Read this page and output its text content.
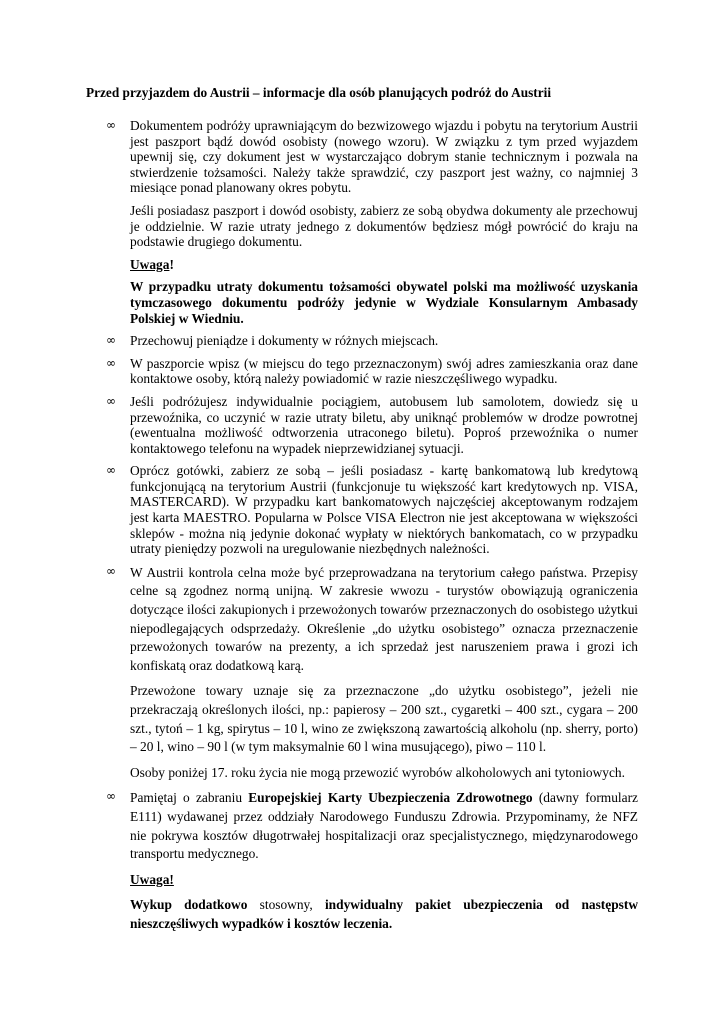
Przed przyjazdem do Austrii – informacje dla osób planujących podróż do Austrii
∞ Dokumentem podróży uprawniającym do bezwizowego wjazdu i pobytu na terytorium Austrii jest paszport bądź dowód osobisty (nowego wzoru). W związku z tym przed wyjazdem upewnij się, czy dokument jest w wystarczająco dobrym stanie technicznym i pozwala na stwierdzenie tożsamości. Należy także sprawdzić, czy paszport jest ważny, co najmniej 3 miesiące ponad planowany okres pobytu.

Jeśli posiadasz paszport i dowód osobisty, zabierz ze sobą obydwa dokumenty ale przechowuj je oddzielnie. W razie utraty jednego z dokumentów będziesz mógł powrócić do kraju na podstawie drugiego dokumentu.

Uwaga!

W przypadku utraty dokumentu tożsamości obywatel polski ma możliwość uzyskania tymczasowego dokumentu podróży jedynie w Wydziale Konsularnym Ambasady Polskiej w Wiedniu.

∞ Przechowuj pieniądze i dokumenty w różnych miejscach.

∞ W paszporcie wpisz (w miejscu do tego przeznaczonym) swój adres zamieszkania oraz dane kontaktowe osoby, którą należy powiadomić w razie nieszczęśliwego wypadku.

∞ Jeśli podróżujesz indywidualnie pociągiem, autobusem lub samolotem, dowiedz się u przewoźnika, co uczynić w razie utraty biletu, aby uniknąć problemów w drodze powrotnej (ewentualna możliwość odtworzenia utraconego biletu). Poproś przewoźnika o numer kontaktowego telefonu na wypadek nieprzewidzianej sytuacji.

∞ Oprócz gotówki, zabierz ze sobą – jeśli posiadasz - kartę bankomatową lub kredytową funkcjonującą na terytorium Austrii (funkcjonuje tu większość kart kredytowych np. VISA, MASTERCARD). W przypadku kart bankomatowych najczęściej akceptowanym rodzajem jest karta MAESTRO. Popularna w Polsce VISA Electron nie jest akceptowana w większości sklepów - można nią jedynie dokonać wypłaty w niektórych bankomatach, co w przypadku utraty pieniędzy pozwoli na uregulowanie niezbędnych należności.

∞ W Austrii kontrola celna może być przeprowadzana na terytorium całego państwa. Przepisy celne są zgodnez normą unijną. W zakresie wwozu - turystów obowiązują ograniczenia dotyczące ilości zakupionych i przewożonych towarów przeznaczonych do osobistego użytkui niepodlegających odsprzedaży. Określenie „do użytku osobistego” oznacza przeznaczenie przewożonych towarów na prezenty, a ich sprzedaż jest naruszeniem prawa i grozi ich konfiskatą oraz dodatkową karą.

Przewożone towary uznaje się za przeznaczone „do użytku osobistego”, jeżeli nie przekraczają określonych ilości, np.: papierosy – 200 szt., cygaretki – 400 szt., cygara – 200 szt., tytoń – 1 kg, spirytus – 10 l, wino ze zwiększoną zawartością alkoholu (np. sherry, porto) – 20 l, wino – 90 l (w tym maksymalnie 60 l wina musującego), piwo – 110 l.

Osoby poniżej 17. roku życia nie mogą przewozić wyrobów alkoholowych ani tytoniowych.

∞ Pamiętaj o zabraniu Europejskiej Karty Ubezpieczenia Zdrowotnego (dawny formularz E111) wydawanej przez oddziały Narodowego Funduszu Zdrowia. Przypominamy, że NFZ nie pokrywa kosztów długotrwałej hospitalizacji oraz specjalistycznego, międzynarodowego transportu medycznego.

Uwaga!

Wykup dodatkowo stosowny, indywidualny pakiet ubezpieczenia od następstw nieszczęśliwych wypadków i kosztów leczenia.
